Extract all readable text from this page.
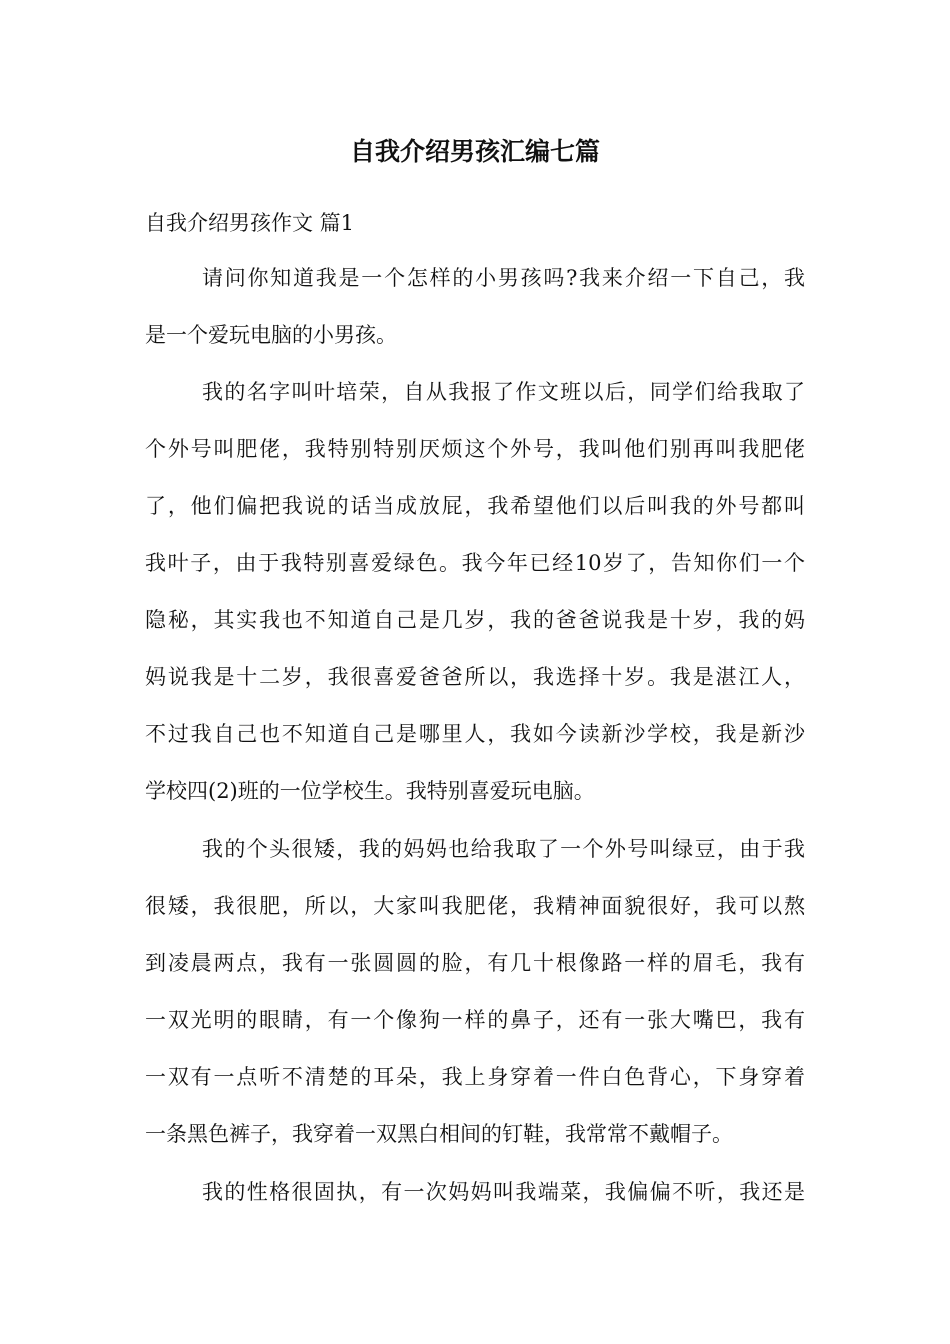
自我介绍男孩汇编七篇

自我介绍男孩作文 篇1

请问你知道我是一个怎样的小男孩吗?我来介绍一下自己，我

是一个爱玩电脑的小男孩。

我的名字叫叶培荣，自从我报了作文班以后，同学们给我取了

个外号叫肥佬，我特别特别厌烦这个外号，我叫他们别再叫我肥佬

了，他们偏把我说的话当成放屁，我希望他们以后叫我的外号都叫

我叶子，由于我特别喜爱绿色。我今年已经10岁了，告知你们一个

隐秘，其实我也不知道自己是几岁，我的爸爸说我是十岁，我的妈

妈说我是十二岁，我很喜爱爸爸所以，我选择十岁。我是湛江人，

不过我自己也不知道自己是哪里人，我如今读新沙学校，我是新沙

学校四(2)班的一位学校生。我特别喜爱玩电脑。

我的个头很矮，我的妈妈也给我取了一个外号叫绿豆，由于我

很矮，我很肥，所以，大家叫我肥佬，我精神面貌很好，我可以熬

到凌晨两点，我有一张圆圆的脸，有几十根像路一样的眉毛，我有

一双光明的眼睛，有一个像狗一样的鼻子，还有一张大嘴巴，我有

一双有一点听不清楚的耳朵，我上身穿着一件白色背心，下身穿着

一条黑色裤子，我穿着一双黑白相间的钉鞋，我常常不戴帽子。

我的性格很固执，有一次妈妈叫我端菜，我偏偏不听，我还是
